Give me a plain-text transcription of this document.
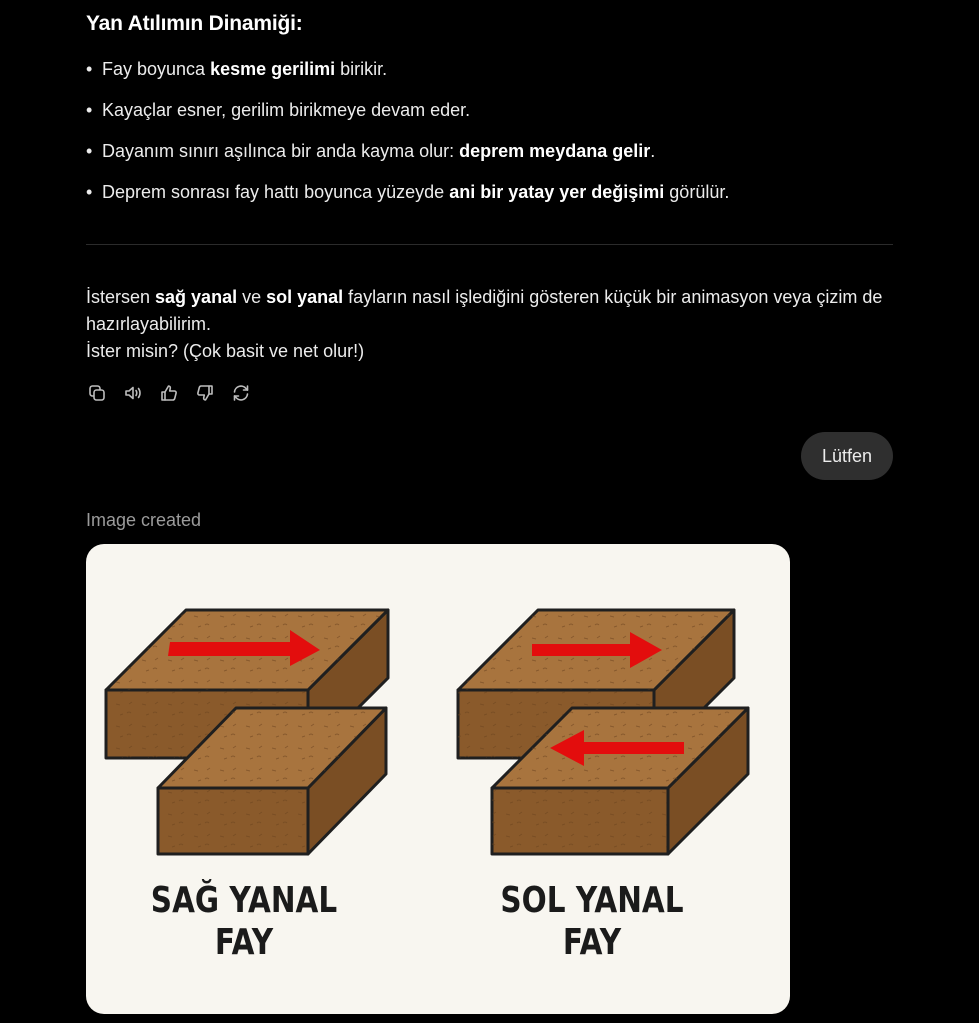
Yan Atılımın Dinamiği:
• Fay boyunca kesme gerilimi birikir.
• Kayaçlar esner, gerilim birikmeye devam eder.
• Dayanım sınırı aşılınca bir anda kayma olur: deprem meydana gelir.
• Deprem sonrası fay hattı boyunca yüzeyde ani bir yatay yer değişimi görülür.
İstersen sağ yanal ve sol yanal fayların nasıl işlediğini gösteren küçük bir animasyon veya çizim de hazırlayabilirim.
İster misin? (Çok basit ve net olur!)
Lütfen
Image created
SAĞ YANAL
FAY
SOL YANAL
FAY
